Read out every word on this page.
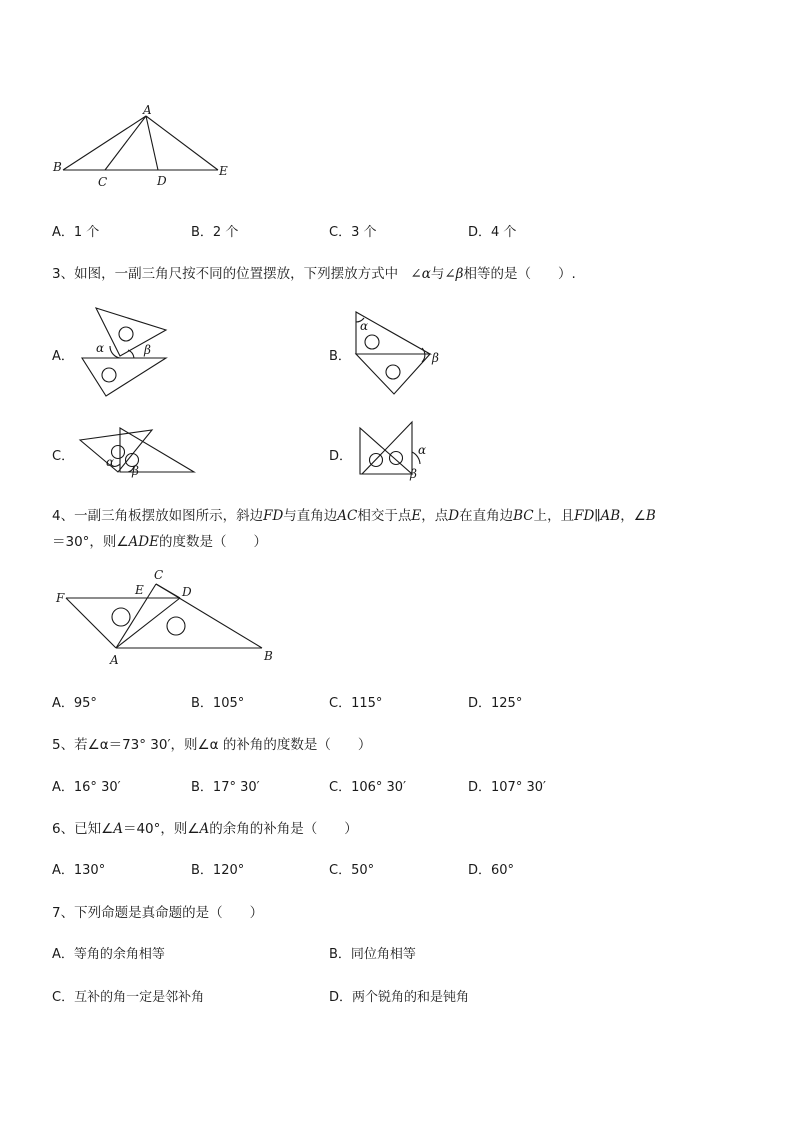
A
B
C	D
E
A．1 个	B．2 个	C．3 个	D．4 个
3、如图，一副三角尺按不同的位置摆放，下列摆放方式中 ∠α与∠β相等的是（　　）.
A．
α	β	B．
α
β
C．	α
β
D．	α
β
4、一副三角板摆放如图所示，斜边FD与直角边AC相交于点E，点D在直角边BC上，且FD∥AB，∠B
＝30°，则∠ADE的度数是（　　）
F
E
C
D
A	B
A．95°	B．105°	C．115°	D．125°
5、若∠α＝73° 30′，则∠α 的补角的度数是（　　）
A．16° 30′	B．17° 30′	C．106° 30′	D．107° 30′
6、已知∠A＝40°，则∠A的余角的补角是（　　）
A．130°	B．120°	C．50°	D．60°
7、下列命题是真命题的是（　　）
A．等角的余角相等	B．同位角相等
C．互补的角一定是邻补角	D．两个锐角的和是钝角
